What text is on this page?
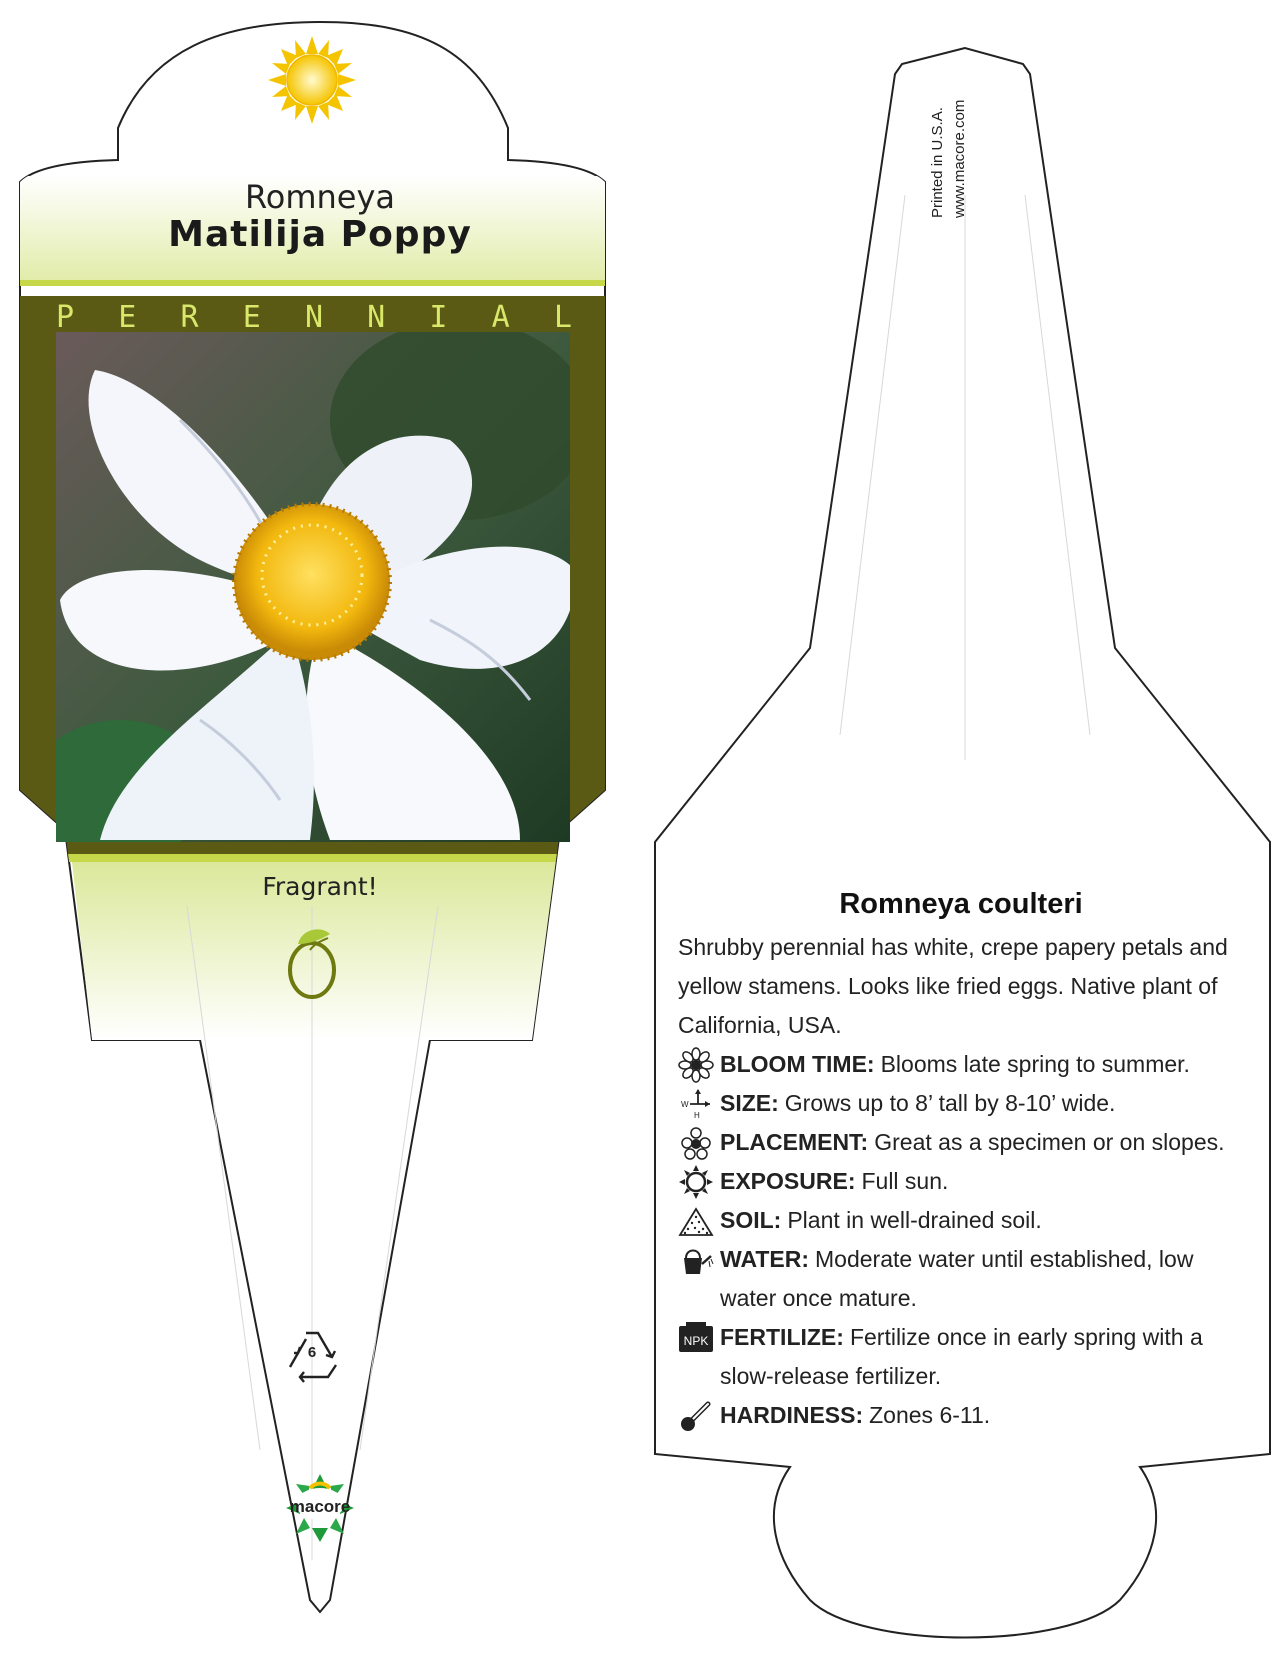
Romneya
Matilija Poppy
P E R E N N I A L
Fragrant!
6
macore
Printed in U.S.A. www.macore.com
Romneya coulteri

Shrubby perennial has white, crepe papery petals and yellow stamens. Looks like fried eggs. Native plant of California, USA.

BLOOM TIME: Blooms late spring to summer.
W
H SIZE: Grows up to 8’ tall by 8-10’ wide.
PLACEMENT: Great as a specimen or on slopes.
EXPOSURE: Full sun.
SOIL: Plant in well-drained soil.
WATER: Moderate water until established, low water once mature.
NPK FERTILIZE: Fertilize once in early spring with a slow-release fertilizer.
HARDINESS: Zones 6-11.
